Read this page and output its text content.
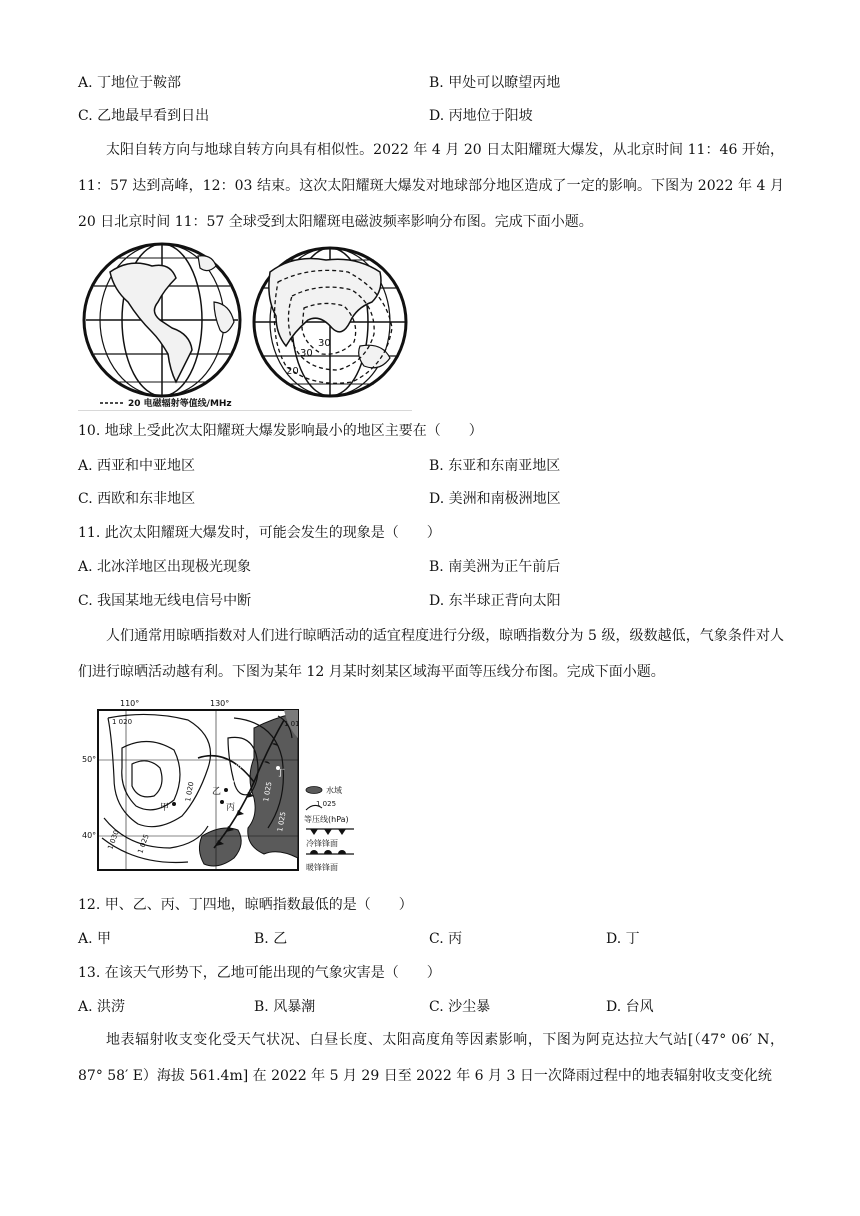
A. 丁地位于鞍部	B. 甲处可以瞭望丙地
C. 乙地最早看到日出	D. 丙地位于阳坡

太阳自转方向与地球自转方向具有相似性。2022 年 4 月 20 日太阳耀斑大爆发，从北京时间 11：46 开始，11：57 达到高峰，12：03 结束。这次太阳耀斑大爆发对地球部分地区造成了一定的影响。下图为 2022 年 4 月 20 日北京时间 11：57 全球受到太阳耀斑电磁波频率影响分布图。完成下面小题。

30
30
20
20 电磁辐射等值线/MHz
10. 地球上受此次太阳耀斑大爆发影响最小的地区主要在（　　）
A. 西亚和中亚地区	B. 东亚和东南亚地区
C. 西欧和东非地区	D. 美洲和南极洲地区
11. 此次太阳耀斑大爆发时，可能会发生的现象是（　　）
A. 北冰洋地区出现极光现象	B. 南美洲为正午前后
C. 我国某地无线电信号中断	D. 东半球正背向太阳

人们通常用晾晒指数对人们进行晾晒活动的适宜程度进行分级，晾晒指数分为 5 级，级数越低，气象条件对人们进行晾晒活动越有利。下图为某年 12 月某时刻某区域海平面等压线分布图。完成下面小题。

110°	130°
50°
40°
1 020
1 030 1 025
1 020
1 025
1 025
1 025
1 01
甲
乙
丙
丁
水域
1 025
等压线(hPa)
冷锋锋面
暖锋锋面
12. 甲、乙、丙、丁四地，晾晒指数最低的是（　　）
A. 甲	B. 乙	C. 丙	D. 丁
13. 在该天气形势下，乙地可能出现的气象灾害是（　　）
A. 洪涝	B. 风暴潮	C. 沙尘暴	D. 台风

地表辐射收支变化受天气状况、白昼长度、太阳高度角等因素影响，下图为阿克达拉大气站[（47° 06′ N，87° 58′ E）海拔 561.4m] 在 2022 年 5 月 29 日至 2022 年 6 月 3 日一次降雨过程中的地表辐射收支变化统
